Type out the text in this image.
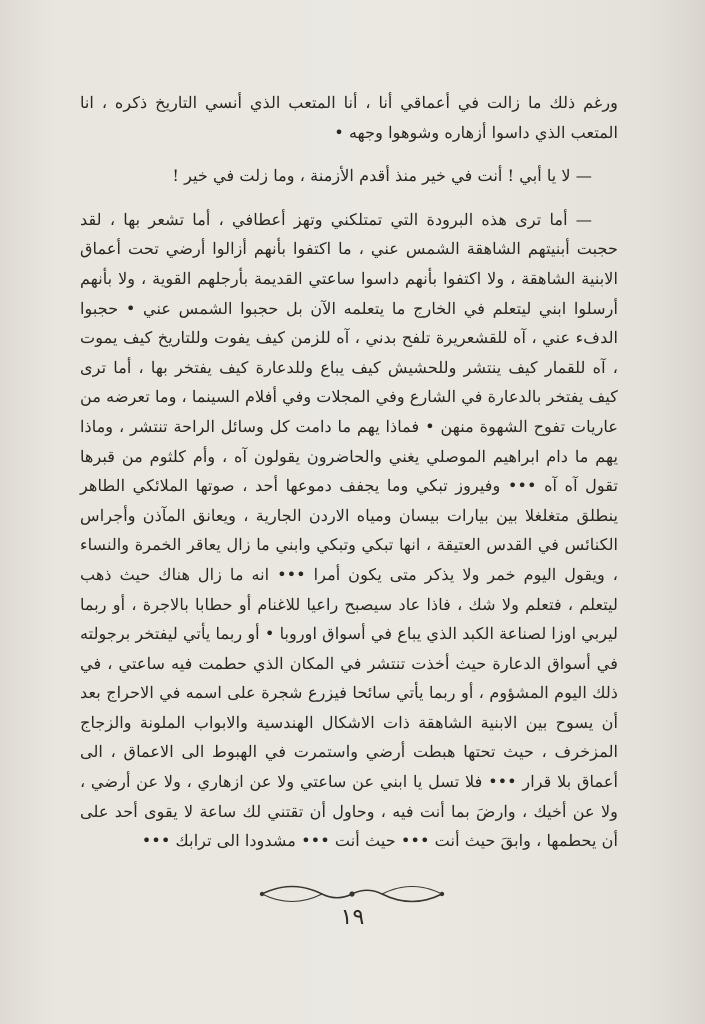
ورغم ذلك ما زالت في أعماقي أنا ، أنا المتعب الذي أنسي التاريخ ذكره ، انا المتعب الذي داسوا أزهاره وشوهوا وجهه •

— لا يا أبي ! أنت في خير منذ أقدم الأزمنة ، وما زلت في خير !

— أما ترى هذه البرودة التي تمتلكني وتهز أعطافي ، أما تشعر بها ، لقد حجبت أبنيتهم الشاهقة الشمس عني ، ما اكتفوا بأنهم أزالوا أرضي تحت أعماق الابنية الشاهقة ، ولا اكتفوا بأنهم داسوا ساعتي القديمة بأرجلهم القوية ، ولا بأنهم أرسلوا ابني ليتعلم في الخارج ما يتعلمه الآن بل حجبوا الشمس عني • حجبوا الدفء عني ، آه للقشعريرة تلفح بدني ، آه للزمن كيف يفوت وللتاريخ كيف يموت ، آه للقمار كيف ينتشر وللحشيش كيف يباع وللدعارة كيف يفتخر بها ، أما ترى كيف يفتخر بالدعارة في الشارع وفي المجلات وفي أفلام السينما ، وما تعرضه من عاريات تفوح الشهوة منهن • فماذا يهم ما دامت كل وسائل الراحة تنتشر ، وماذا يهم ما دام ابراهيم الموصلي يغني والحاضرون يقولون آه ، وأم كلثوم من قبرها تقول آه آه ••• وفيروز تبكي وما يجفف دموعها أحد ، صوتها الملائكي الطاهر ينطلق متغلغلا بين بيارات بيسان ومياه الاردن الجارية ، ويعانق المآذن وأجراس الكنائس في القدس العتيقة ، انها تبكي وتبكي وابني ما زال يعاقر الخمرة والنساء ، ويقول اليوم خمر ولا يذكر متى يكون أمرا ••• انه ما زال هناك حيث ذهب ليتعلم ، فتعلم ولا شك ، فاذا عاد سيصبح راعيا للاغنام أو حطابا بالاجرة ، أو ربما ليربي اوزا لصناعة الكبد الذي يباع في أسواق اوروبا • أو ربما يأتي ليفتخر برجولته في أسواق الدعارة حيث أخذت تنتشر في المكان الذي حطمت فيه ساعتي ، في ذلك اليوم المشؤوم ، أو ربما يأتي سائحا فيزرع شجرة على اسمه في الاحراج بعد أن يسوح بين الابنية الشاهقة ذات الاشكال الهندسية والابواب الملونة والزجاج المزخرف ، حيث تحتها هبطت أرضي واستمرت في الهبوط الى الاعماق ، الى أعماق بلا قرار ••• فلا تسل يا ابني عن ساعتي ولا عن ازهاري ، ولا عن أرضي ، ولا عن أخيك ، وارضَ بما أنت فيه ، وحاول أن تقتني لك ساعة لا يقوى أحد على أن يحطمها ، وابقَ حيث أنت ••• حيث أنت ••• مشدودا الى ترابك •••

١٩
